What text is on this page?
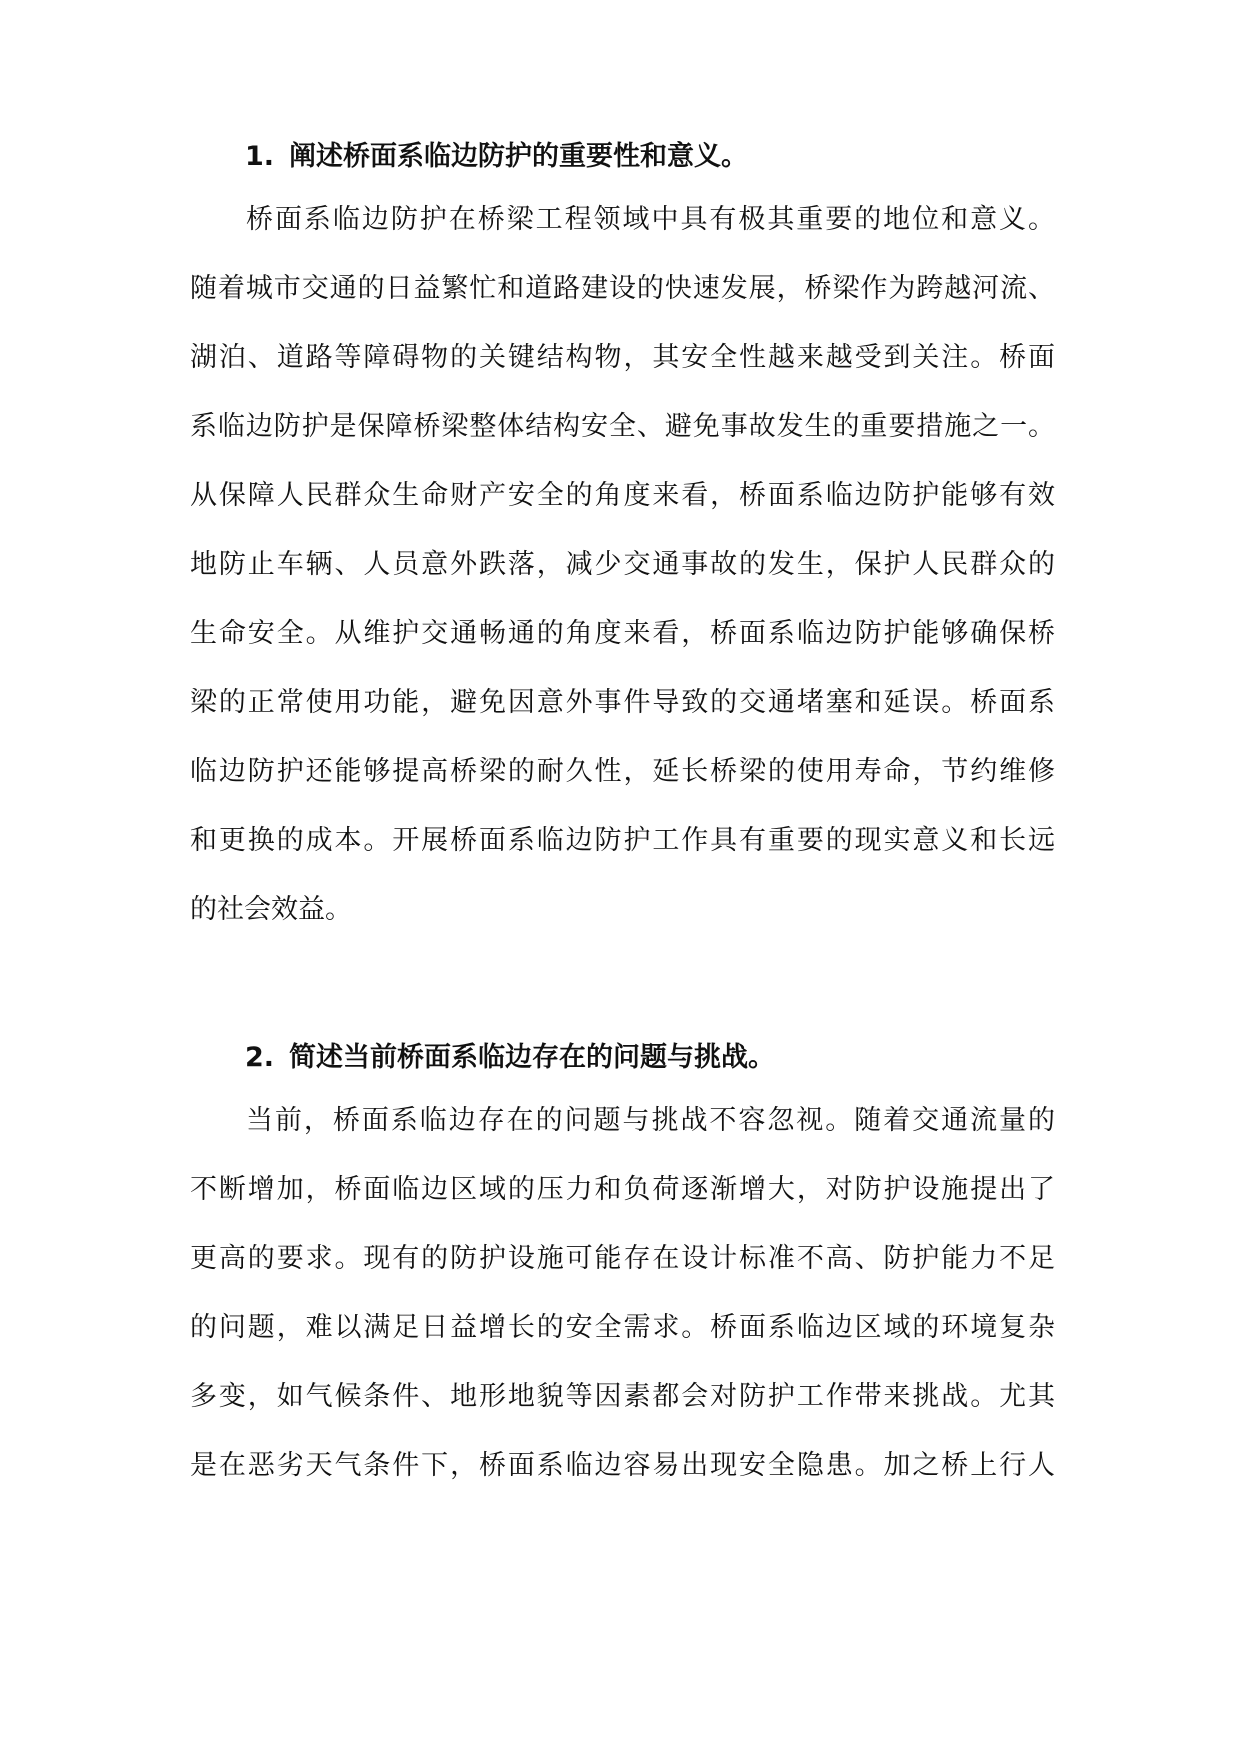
1. 阐述桥面系临边防护的重要性和意义。
桥面系临边防护在桥梁工程领域中具有极其重要的地位和意义。
随着城市交通的日益繁忙和道路建设的快速发展，桥梁作为跨越河流、
湖泊、道路等障碍物的关键结构物，其安全性越来越受到关注。桥面
系临边防护是保障桥梁整体结构安全、避免事故发生的重要措施之一。
从保障人民群众生命财产安全的角度来看，桥面系临边防护能够有效
地防止车辆、人员意外跌落，减少交通事故的发生，保护人民群众的
生命安全。从维护交通畅通的角度来看，桥面系临边防护能够确保桥
梁的正常使用功能，避免因意外事件导致的交通堵塞和延误。桥面系
临边防护还能够提高桥梁的耐久性，延长桥梁的使用寿命，节约维修
和更换的成本。开展桥面系临边防护工作具有重要的现实意义和长远
的社会效益。
2. 简述当前桥面系临边存在的问题与挑战。
当前，桥面系临边存在的问题与挑战不容忽视。随着交通流量的
不断增加，桥面临边区域的压力和负荷逐渐增大，对防护设施提出了
更高的要求。现有的防护设施可能存在设计标准不高、防护能力不足
的问题，难以满足日益增长的安全需求。桥面系临边区域的环境复杂
多变，如气候条件、地形地貌等因素都会对防护工作带来挑战。尤其
是在恶劣天气条件下，桥面系临边容易出现安全隐患。加之桥上行人
